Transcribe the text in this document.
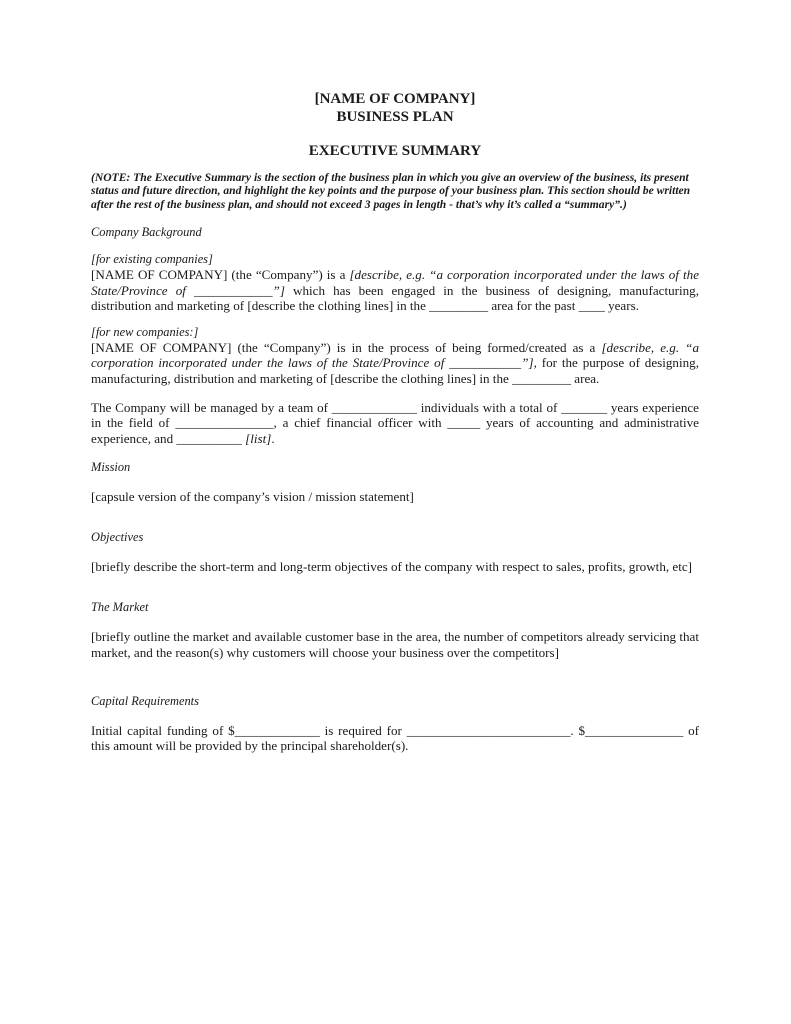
[NAME OF COMPANY]
BUSINESS PLAN
EXECUTIVE SUMMARY
(NOTE: The Executive Summary is the section of the business plan in which you give an overview of the business, its present status and future direction, and highlight the key points and the purpose of your business plan. This section should be written after the rest of the business plan, and should not exceed 3 pages in length - that’s why it’s called a “summary”.)
Company Background
[for existing companies]
[NAME OF COMPANY] (the “Company”) is a [describe, e.g. “a corporation incorporated under the laws of the State/Province of ____________”] which has been engaged in the business of designing, manufacturing, distribution and marketing of [describe the clothing lines] in the _________ area for the past ____ years.
[for new companies:]
[NAME OF COMPANY] (the “Company”) is in the process of being formed/created as a [describe, e.g. “a corporation incorporated under the laws of the State/Province of ___________”], for the purpose of designing, manufacturing, distribution and marketing of [describe the clothing lines] in the _________ area.
The Company will be managed by a team of _____________ individuals with a total of _______ years experience in the field of _______________, a chief financial officer with _____ years of accounting and administrative experience, and __________ [list].
Mission
[capsule version of the company’s vision / mission statement]
Objectives
[briefly describe the short-term and long-term objectives of the company with respect to sales, profits, growth, etc]
The Market
[briefly outline the market and available customer base in the area, the number of competitors already servicing that market, and the reason(s) why customers will choose your business over the competitors]
Capital Requirements
Initial capital funding of $_____________ is required for _________________________. $_______________ of this amount will be provided by the principal shareholder(s).
